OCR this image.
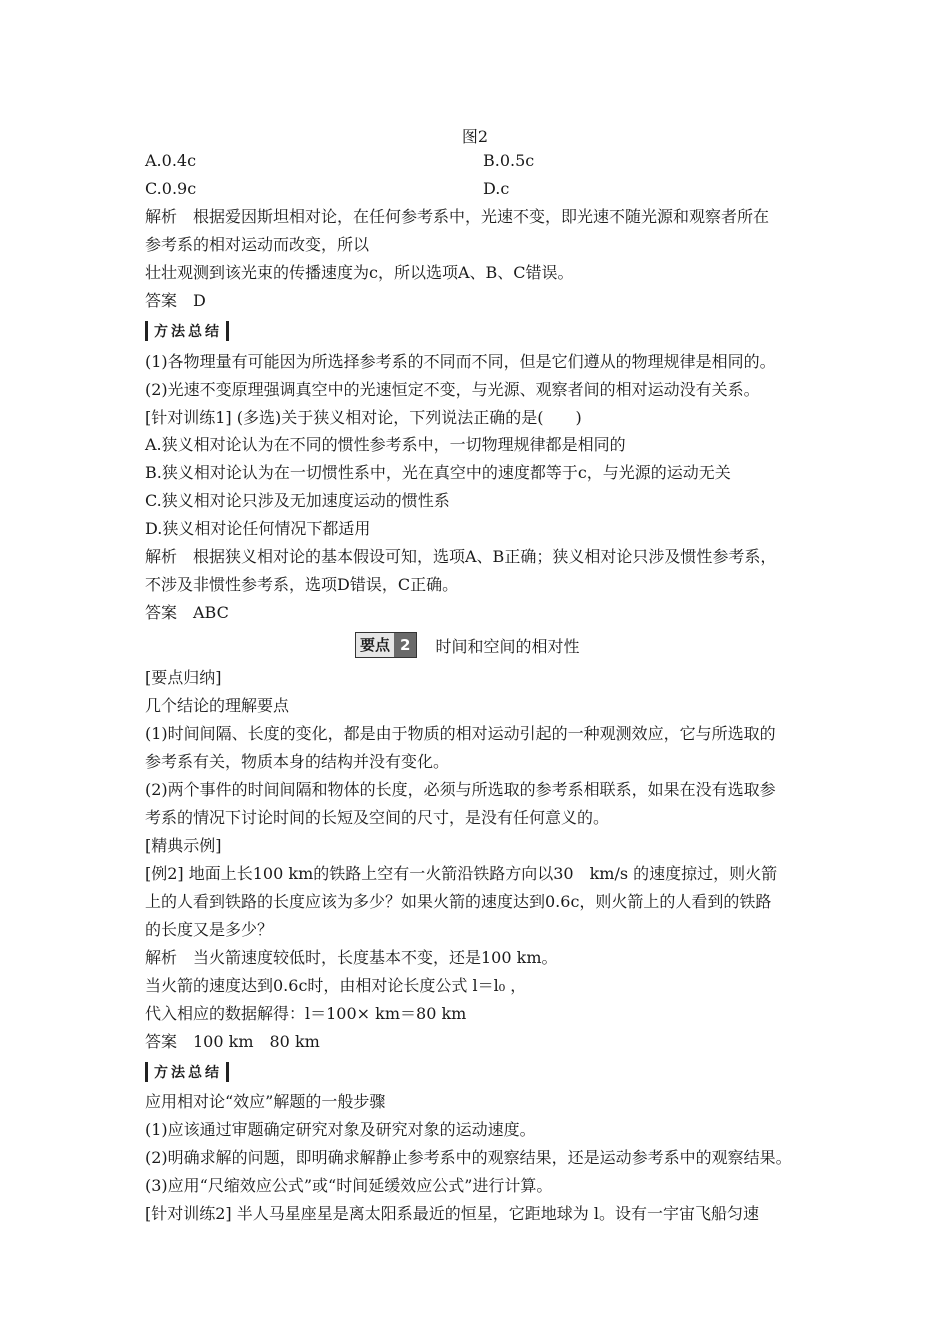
图2
A.0.4c	B.0.5c
C.0.9c	D.c
解析　根据爱因斯坦相对论，在任何参考系中，光速不变，即光速不随光源和观察者所在
参考系的相对运动而改变，所以
壮壮观测到该光束的传播速度为c，所以选项A、B、C错误。
答案　D
方法总结
(1)各物理量有可能因为所选择参考系的不同而不同，但是它们遵从的物理规律是相同的。
(2)光速不变原理强调真空中的光速恒定不变，与光源、观察者间的相对运动没有关系。
[针对训练1] (多选)关于狭义相对论，下列说法正确的是(　　)
A.狭义相对论认为在不同的惯性参考系中，一切物理规律都是相同的
B.狭义相对论认为在一切惯性系中，光在真空中的速度都等于c，与光源的运动无关
C.狭义相对论只涉及无加速度运动的惯性系
D.狭义相对论任何情况下都适用
解析　根据狭义相对论的基本假设可知，选项A、B正确；狭义相对论只涉及惯性参考系，
不涉及非惯性参考系，选项D错误，C正确。
答案　ABC
要点 2	时间和空间的相对性
[要点归纳]
几个结论的理解要点
(1)时间间隔、长度的变化，都是由于物质的相对运动引起的一种观测效应，它与所选取的
参考系有关，物质本身的结构并没有变化。
(2)两个事件的时间间隔和物体的长度，必须与所选取的参考系相联系，如果在没有选取参
考系的情况下讨论时间的长短及空间的尺寸，是没有任何意义的。
[精典示例]
[例2] 地面上长100 km的铁路上空有一火箭沿铁路方向以30　km/s 的速度掠过，则火箭
上的人看到铁路的长度应该为多少？如果火箭的速度达到0.6c，则火箭上的人看到的铁路
的长度又是多少？
解析　当火箭速度较低时，长度基本不变，还是100 km。
当火箭的速度达到0.6c时，由相对论长度公式 l＝l₀ ，
代入相应的数据解得：l＝100× km＝80 km
答案　100 km　80 km
方法总结
应用相对论“效应”解题的一般步骤
(1)应该通过审题确定研究对象及研究对象的运动速度。
(2)明确求解的问题，即明确求解静止参考系中的观察结果，还是运动参考系中的观察结果。
(3)应用“尺缩效应公式”或“时间延缓效应公式”进行计算。
[针对训练2] 半人马星座星是离太阳系最近的恒星，它距地球为 l。设有一宇宙飞船匀速
